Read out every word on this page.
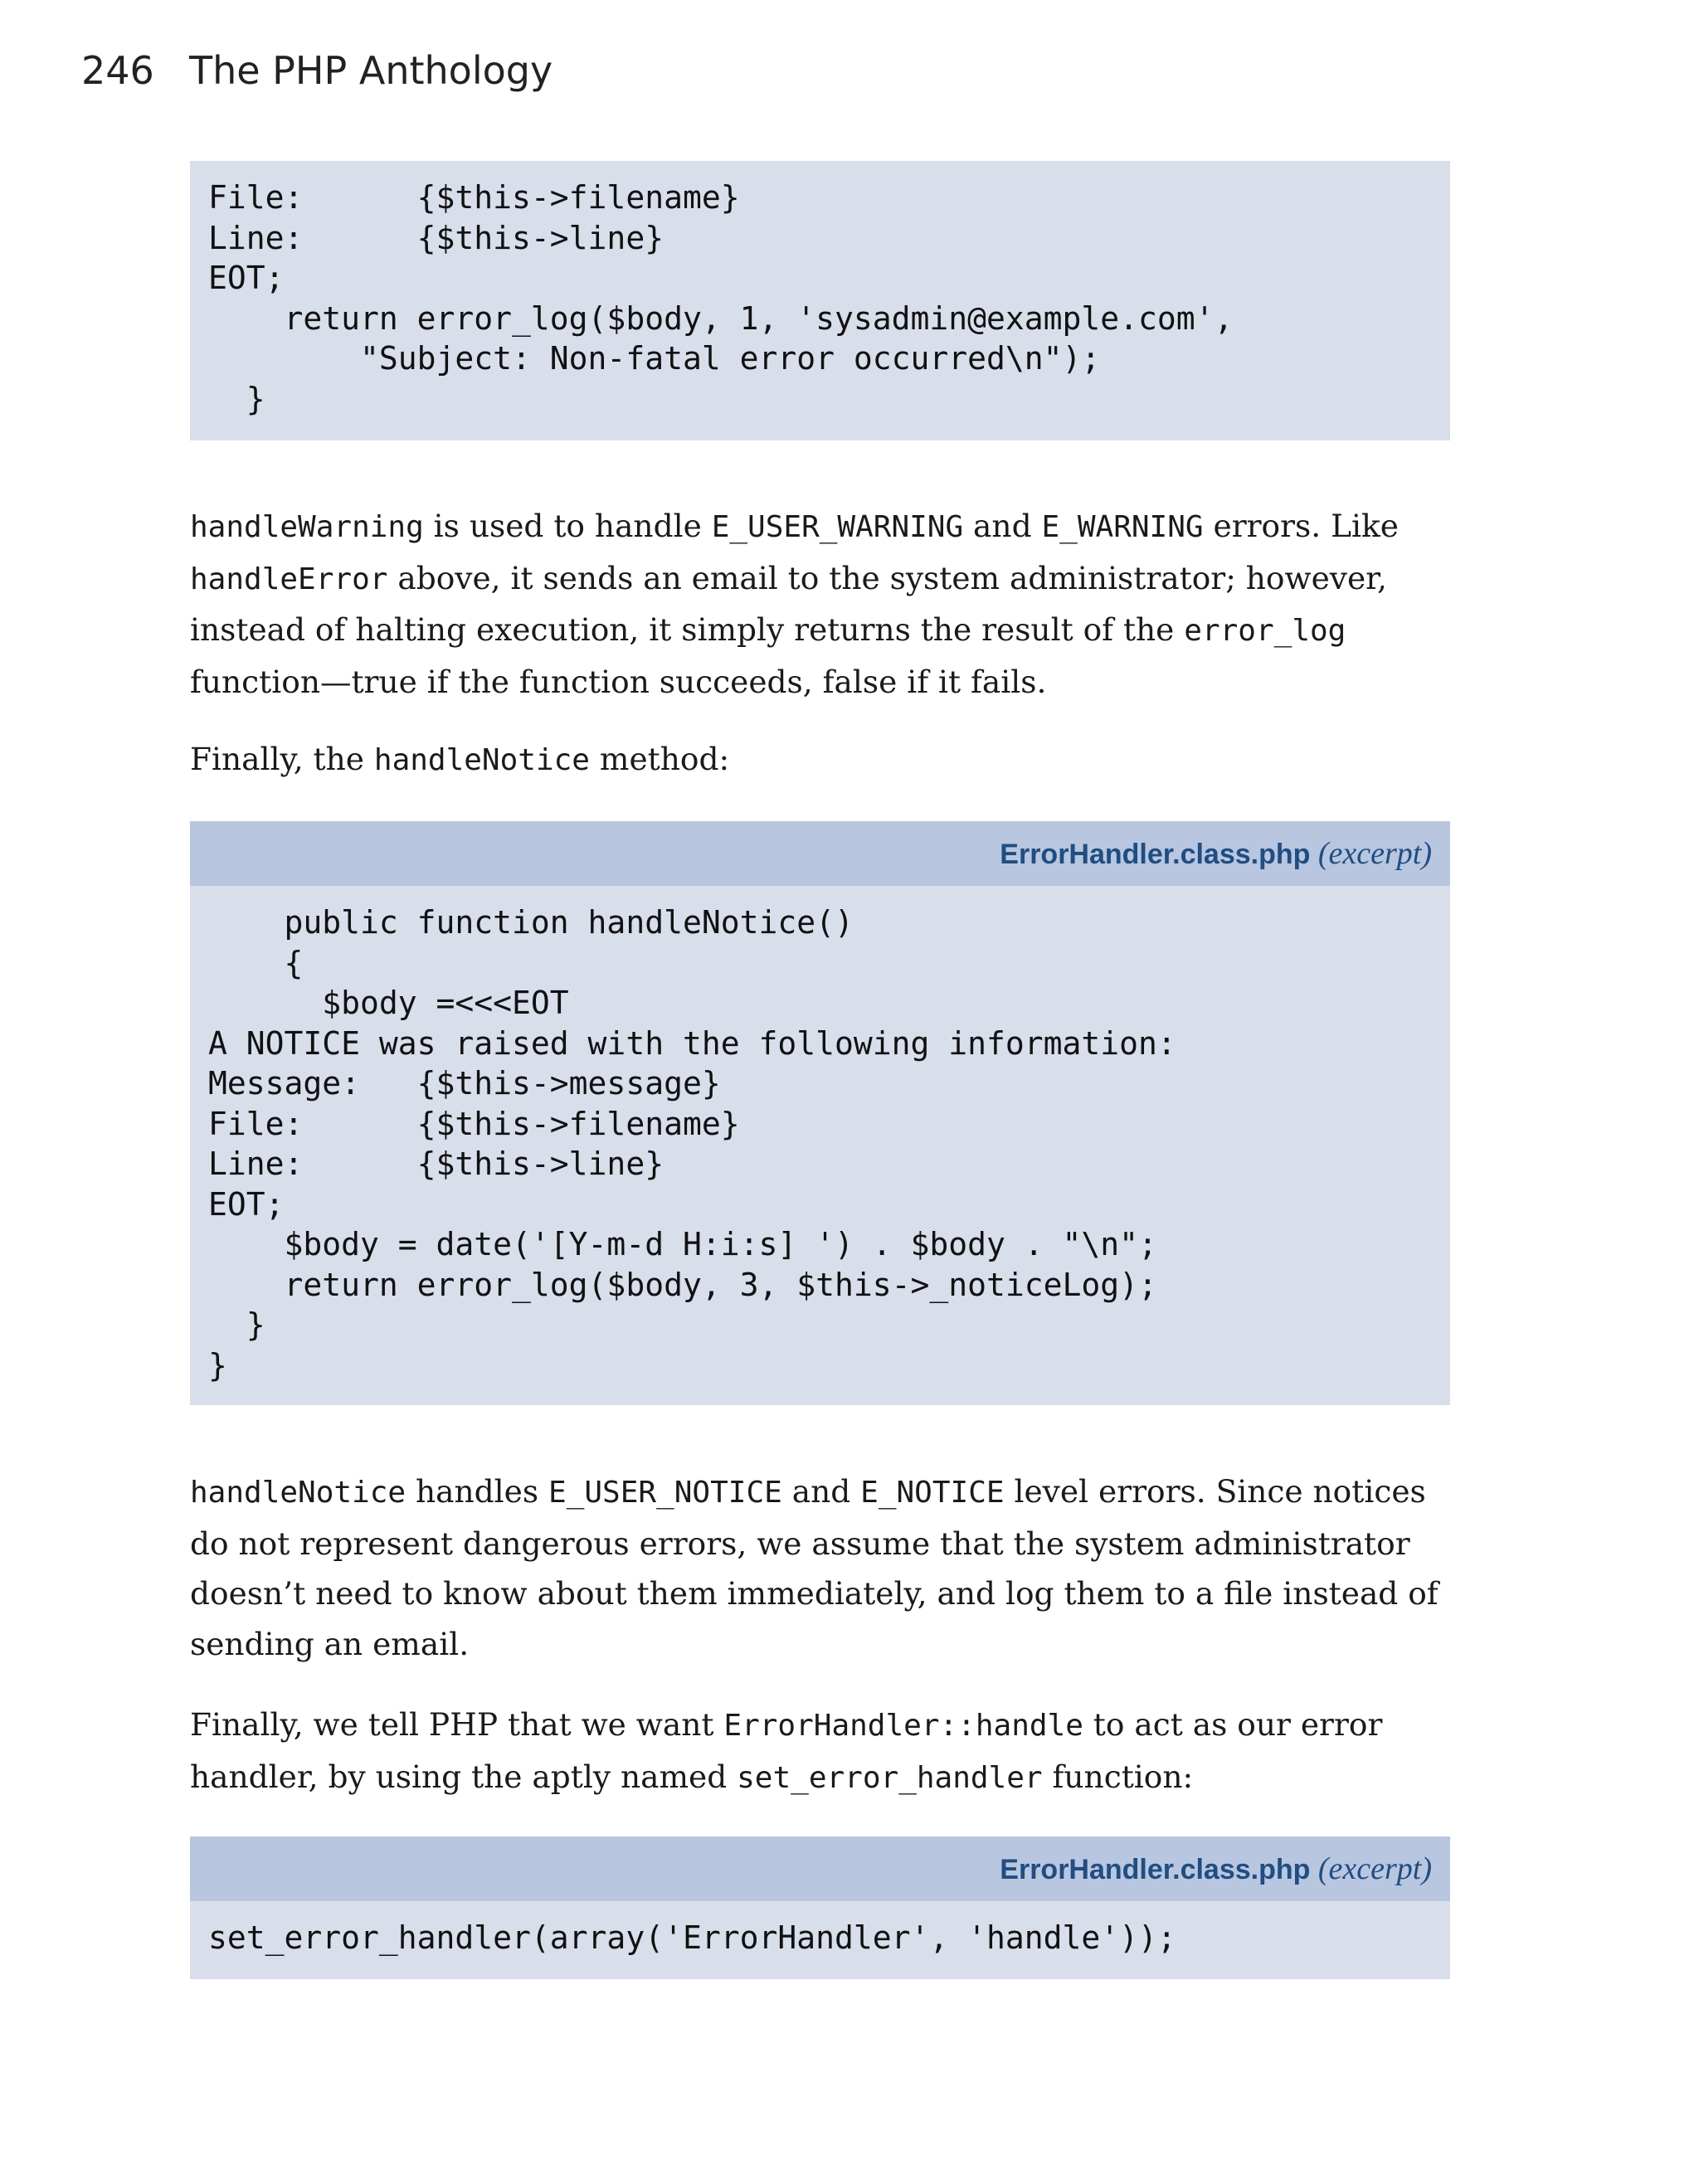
246 The PHP Anthology
File:      {$this->filename}
Line:      {$this->line}
EOT;
return error_log($body, 1, 'sysadmin@example.com',
"Subject: Non-fatal error occurred\n");
}

handleWarning is used to handle E_USER_WARNING and E_WARNING errors. Like handleError above, it sends an email to the system administrator; however, instead of halting execution, it simply returns the result of the error_log function—true if the function succeeds, false if it fails.

Finally, the handleNotice method:

ErrorHandler.class.php (excerpt)
public function handleNotice()
{
$body =<<<EOT
A NOTICE was raised with the following information:
Message:   {$this->message}
File:      {$this->filename}
Line:      {$this->line}
EOT;
$body = date('[Y-m-d H:i:s] ') . $body . "\n";
return error_log($body, 3, $this->_noticeLog);
}
}

handleNotice handles E_USER_NOTICE and E_NOTICE level errors. Since notices do not represent dangerous errors, we assume that the system administrator doesn’t need to know about them immediately, and log them to a file instead of sending an email.

Finally, we tell PHP that we want ErrorHandler::handle to act as our error handler, by using the aptly named set_error_handler function:

ErrorHandler.class.php (excerpt)
set_error_handler(array('ErrorHandler', 'handle'));
